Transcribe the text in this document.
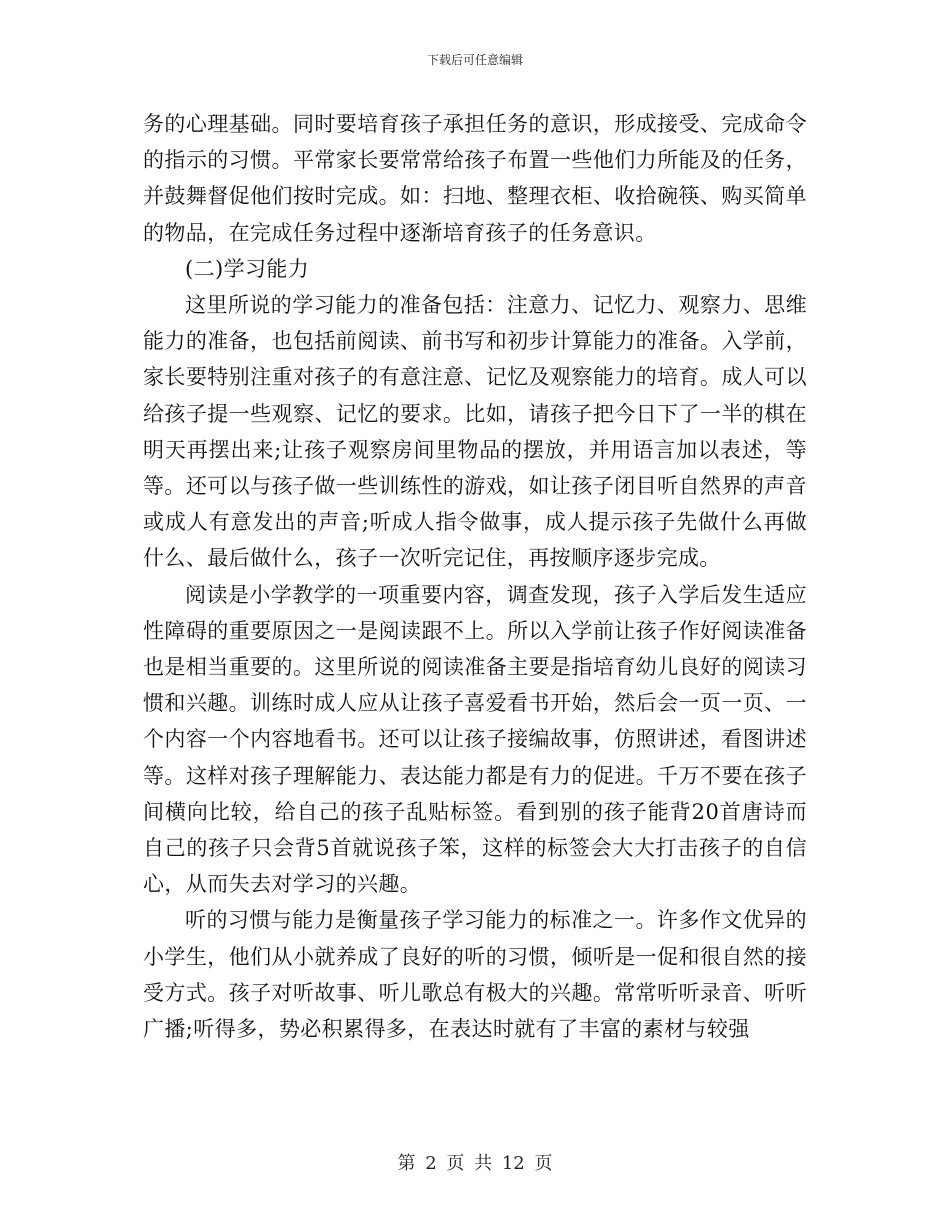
下载后可任意编辑

务的心理基础。同时要培育孩子承担任务的意识，形成接受、完成命令的指示的习惯。平常家长要常常给孩子布置一些他们力所能及的任务，并鼓舞督促他们按时完成。如：扫地、整理衣柜、收拾碗筷、购买简单的物品，在完成任务过程中逐渐培育孩子的任务意识。

(二)学习能力

这里所说的学习能力的准备包括：注意力、记忆力、观察力、思维能力的准备，也包括前阅读、前书写和初步计算能力的准备。入学前，家长要特别注重对孩子的有意注意、记忆及观察能力的培育。成人可以给孩子提一些观察、记忆的要求。比如，请孩子把今日下了一半的棋在明天再摆出来;让孩子观察房间里物品的摆放，并用语言加以表述，等等。还可以与孩子做一些训练性的游戏，如让孩子闭目听自然界的声音或成人有意发出的声音;听成人指令做事，成人提示孩子先做什么再做什么、最后做什么，孩子一次听完记住，再按顺序逐步完成。

阅读是小学教学的一项重要内容，调查发现，孩子入学后发生适应性障碍的重要原因之一是阅读跟不上。所以入学前让孩子作好阅读准备也是相当重要的。这里所说的阅读准备主要是指培育幼儿良好的阅读习惯和兴趣。训练时成人应从让孩子喜爱看书开始，然后会一页一页、一个内容一个内容地看书。还可以让孩子接编故事，仿照讲述，看图讲述等。这样对孩子理解能力、表达能力都是有力的促进。千万不要在孩子间横向比较，给自己的孩子乱贴标签。看到别的孩子能背20首唐诗而自己的孩子只会背5首就说孩子笨，这样的标签会大大打击孩子的自信心，从而失去对学习的兴趣。

听的习惯与能力是衡量孩子学习能力的标准之一。许多作文优异的小学生，他们从小就养成了良好的听的习惯，倾听是一促和很自然的接受方式。孩子对听故事、听儿歌总有极大的兴趣。常常听听录音、听听广播;听得多，势必积累得多，在表达时就有了丰富的素材与较强

第 2 页 共 12 页
